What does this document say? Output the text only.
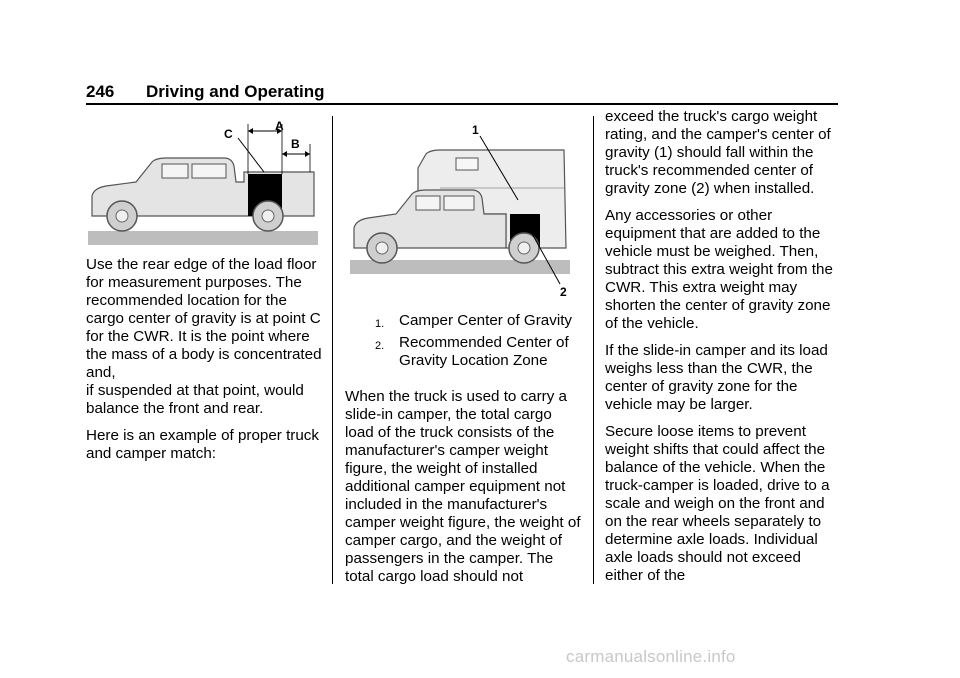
246 Driving and Operating
C
A
B
1
2
1. Camper Center of Gravity
2. Recommended Center of Gravity Location Zone

Use the rear edge of the load floor for measurement purposes. The recommended location for the cargo center of gravity is at point C for the CWR. It is the point where the mass of a body is concentrated and,
if suspended at that point, would balance the front and rear.

Here is an example of proper truck and camper match:

When the truck is used to carry a slide-in camper, the total cargo load of the truck consists of the manufacturer's camper weight figure, the weight of installed additional camper equipment not included in the manufacturer's camper weight figure, the weight of camper cargo, and the weight of passengers in the camper. The total cargo load should not

exceed the truck's cargo weight rating, and the camper's center of gravity (1) should fall within the truck's recommended center of gravity zone (2) when installed.

Any accessories or other equipment that are added to the vehicle must be weighed. Then, subtract this extra weight from the CWR. This extra weight may shorten the center of gravity zone of the vehicle.

If the slide-in camper and its load weighs less than the CWR, the center of gravity zone for the vehicle may be larger.

Secure loose items to prevent weight shifts that could affect the balance of the vehicle. When the truck-camper is loaded, drive to a scale and weigh on the front and on the rear wheels separately to determine axle loads. Individual axle loads should not exceed either of the

carmanualsonline.info
